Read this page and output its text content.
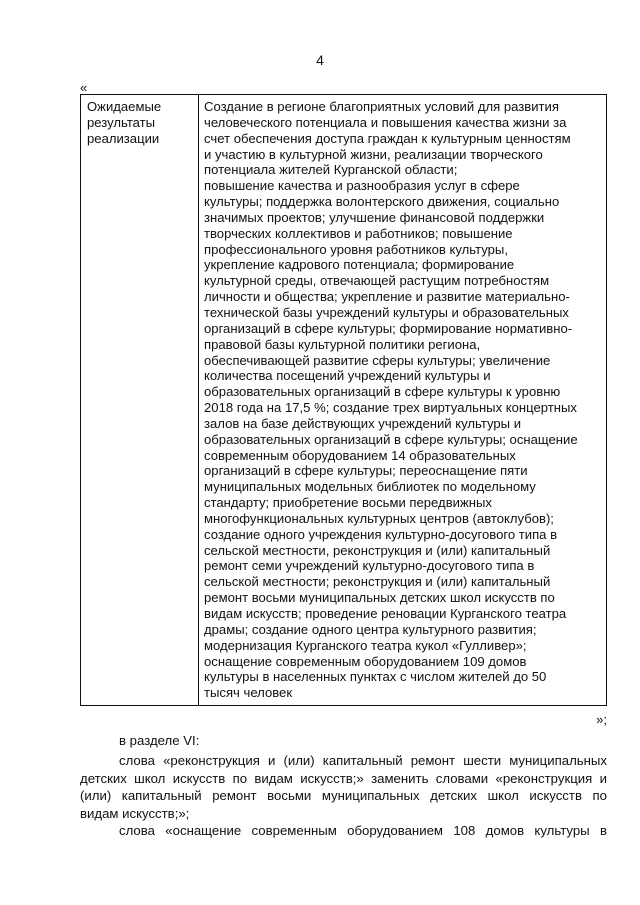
4
«
Ожидаемые
результаты
реализации

Создание в регионе благоприятных условий для развития
человеческого потенциала и повышения качества жизни за
счет обеспечения доступа граждан к культурным ценностям
и участию в культурной жизни, реализации творческого
потенциала жителей Курганской области;
повышение качества и разнообразия услуг в сфере
культуры; поддержка волонтерского движения, социально
значимых проектов; улучшение финансовой поддержки
творческих коллективов и работников; повышение
профессионального уровня работников культуры,
укрепление кадрового потенциала; формирование
культурной среды, отвечающей растущим потребностям
личности и общества; укрепление и развитие материально-
технической базы учреждений культуры и образовательных
организаций в сфере культуры; формирование нормативно-
правовой базы культурной политики региона,
обеспечивающей развитие сферы культуры; увеличение
количества посещений учреждений культуры и
образовательных организаций в сфере культуры к уровню
2018 года на 17,5 %; создание трех виртуальных концертных
залов на базе действующих учреждений культуры и
образовательных организаций в сфере культуры; оснащение
современным оборудованием 14 образовательных
организаций в сфере культуры; переоснащение пяти
муниципальных модельных библиотек по модельному
стандарту; приобретение восьми передвижных
многофункциональных культурных центров (автоклубов);
создание одного учреждения культурно-досугового типа в
сельской местности, реконструкция и (или) капитальный
ремонт семи учреждений культурно-досугового типа в
сельской местности; реконструкция и (или) капитальный
ремонт восьми муниципальных детских школ искусств по
видам искусств; проведение реновации Курганского театра
драмы; создание одного центра культурного развития;
модернизация Курганского театра кукол «Гулливер»;
оснащение современным оборудованием 109 домов
культуры в населенных пунктах с числом жителей до 50
тысяч человек
»;
в разделе VI:
слова «реконструкция и (или) капитальный ремонт шести муниципальных
детских школ искусств по видам искусств;» заменить словами «реконструкция и
(или) капитальный ремонт восьми муниципальных детских школ искусств по
видам искусств;»;
слова «оснащение современным оборудованием 108 домов культуры в
